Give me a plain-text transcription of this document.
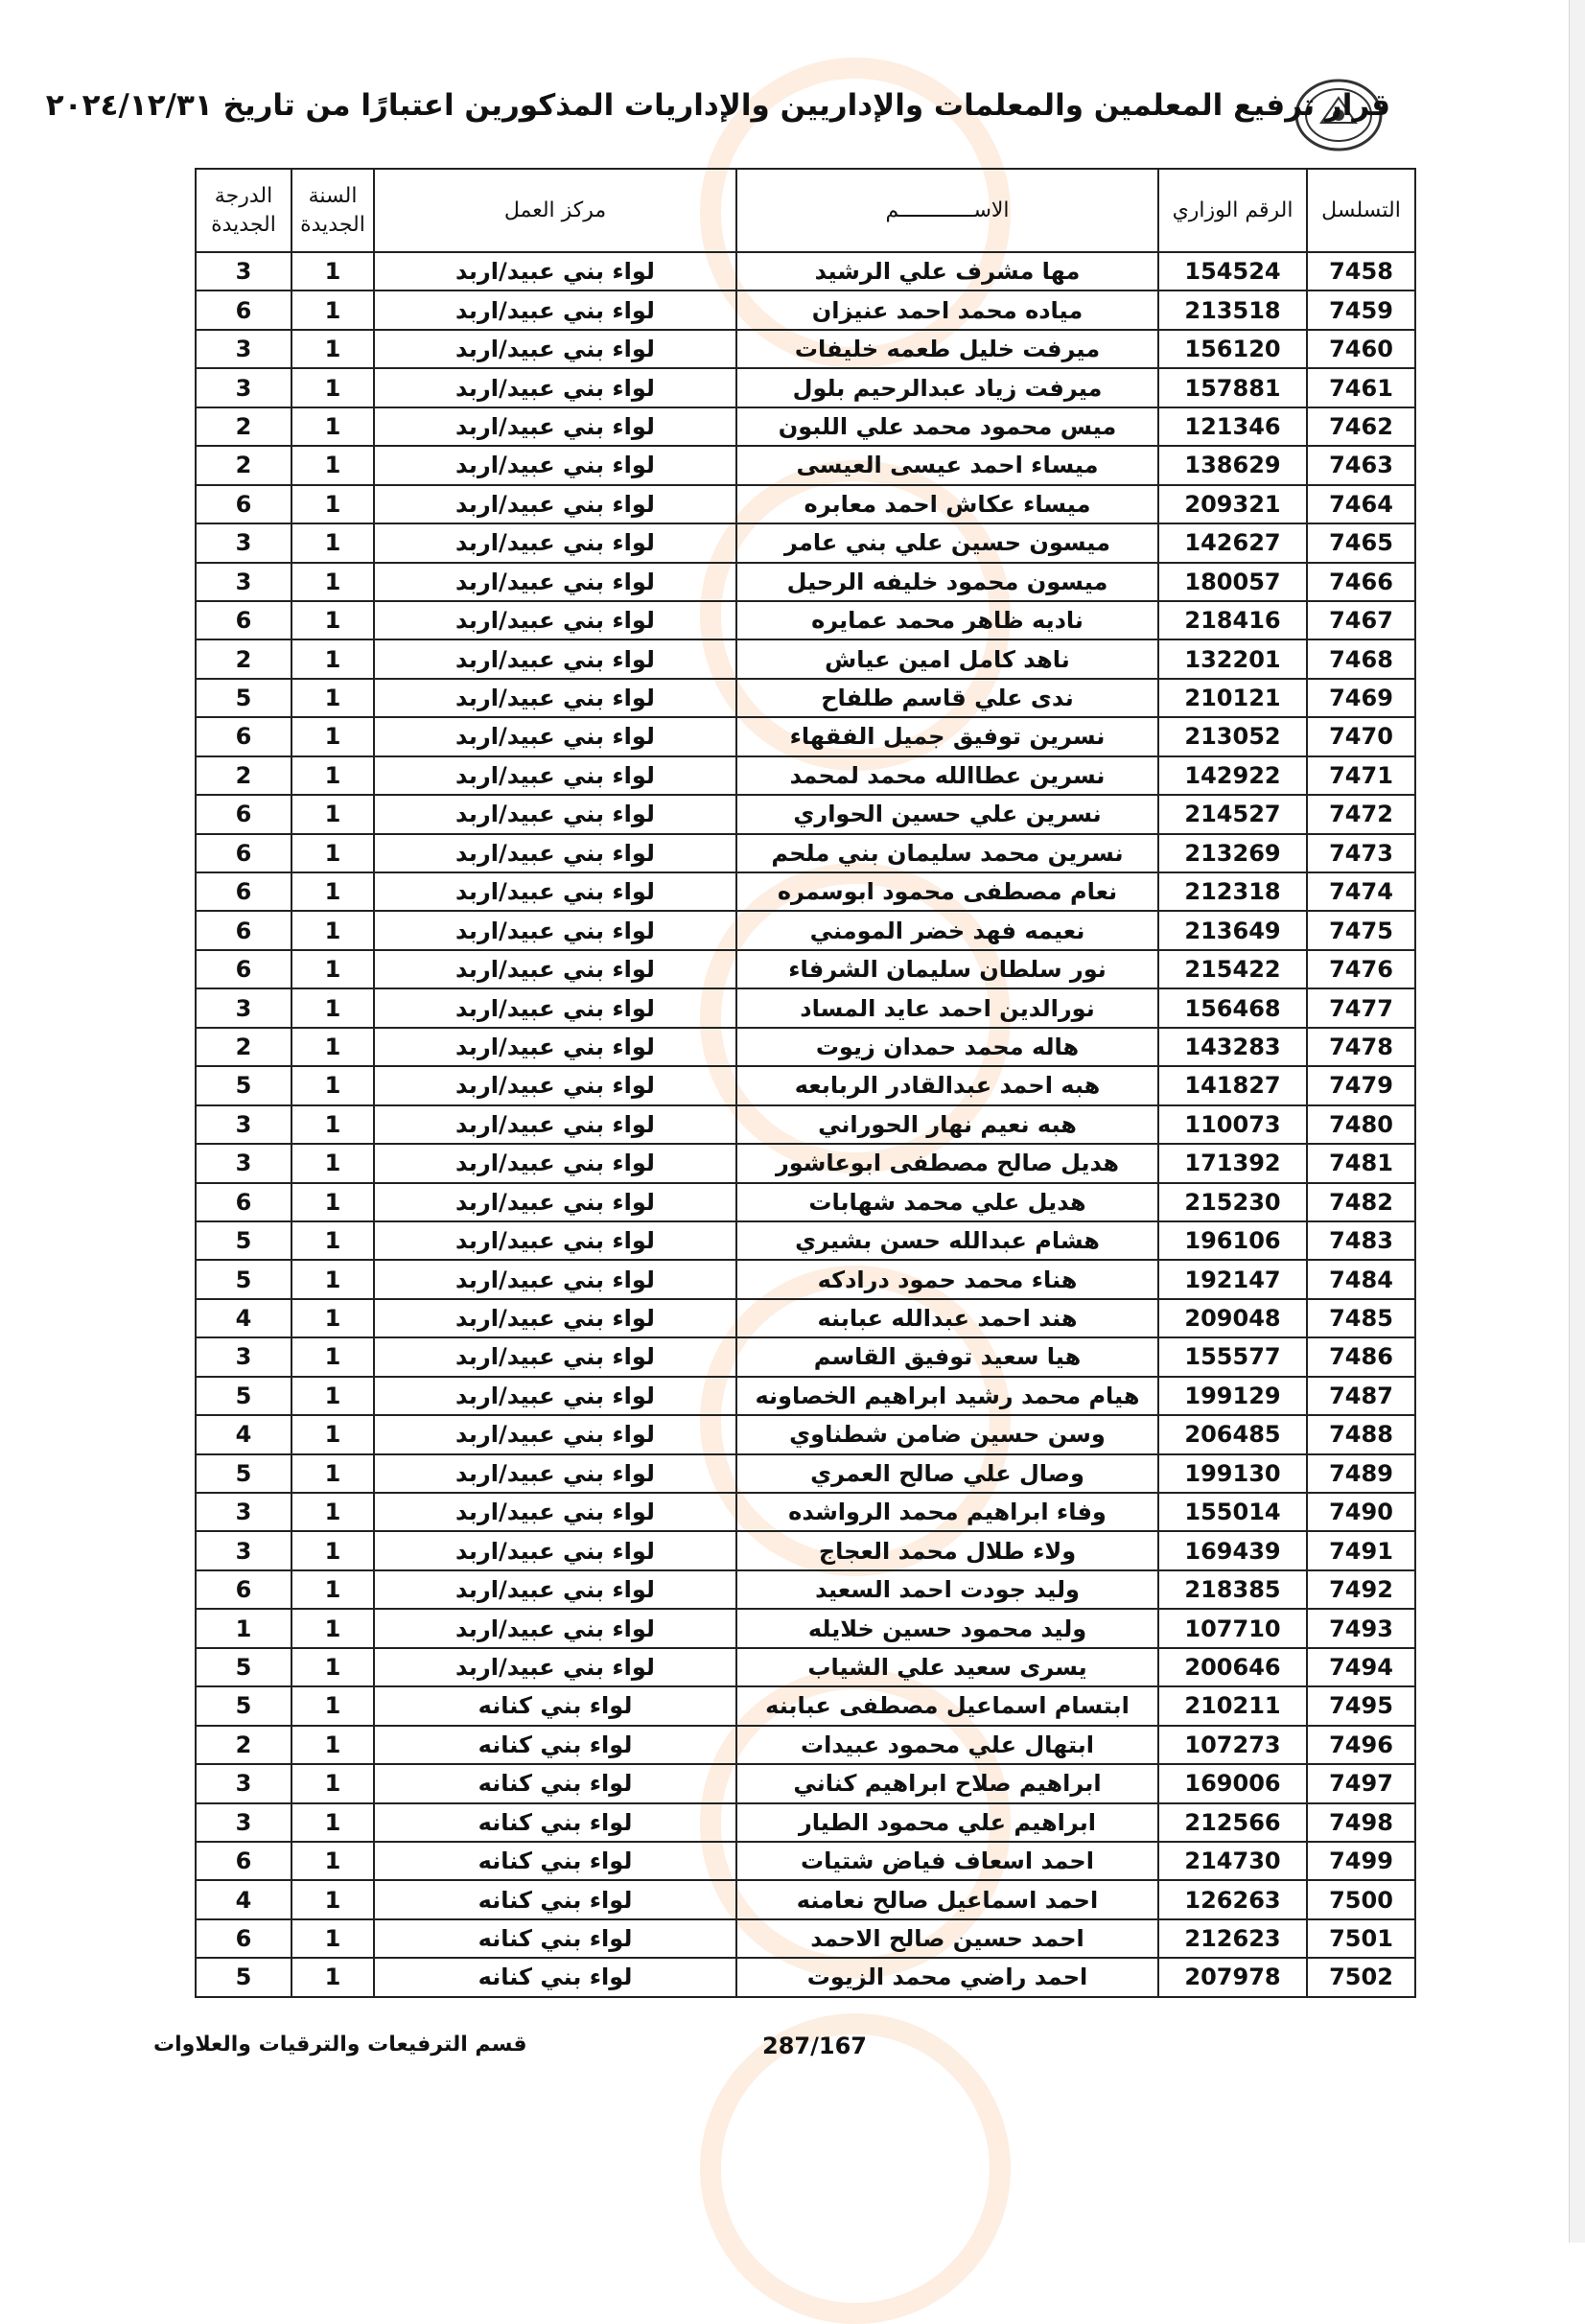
قرار ترفيع المعلمين والمعلمات والإداريين والإداريات المذكورين اعتبارًا من تاريخ ٢٠٢٤/١٢/٣١
التسلسل	الرقم الوزاري	الاســــــــــــم	مركز العمل	السنة الجديدة	الدرجة الجديدة
7458	154524	مها مشرف علي الرشيد	لواء بني عبيد/اربد	1	3
7459	213518	مياده محمد احمد عنيزان	لواء بني عبيد/اربد	1	6
7460	156120	ميرفت خليل طعمه خليفات	لواء بني عبيد/اربد	1	3
7461	157881	ميرفت زياد عبدالرحيم بلول	لواء بني عبيد/اربد	1	3
7462	121346	ميس محمود محمد علي اللبون	لواء بني عبيد/اربد	1	2
7463	138629	ميساء احمد عيسى العيسى	لواء بني عبيد/اربد	1	2
7464	209321	ميساء عكاش احمد معابره	لواء بني عبيد/اربد	1	6
7465	142627	ميسون حسين علي بني عامر	لواء بني عبيد/اربد	1	3
7466	180057	ميسون محمود خليفه الرحيل	لواء بني عبيد/اربد	1	3
7467	218416	ناديه ظاهر محمد عمايره	لواء بني عبيد/اربد	1	6
7468	132201	ناهد كامل امين عياش	لواء بني عبيد/اربد	1	2
7469	210121	ندى علي قاسم طلفاح	لواء بني عبيد/اربد	1	5
7470	213052	نسرين توفيق جميل الفقهاء	لواء بني عبيد/اربد	1	6
7471	142922	نسرين عطاالله محمد لمحمد	لواء بني عبيد/اربد	1	2
7472	214527	نسرين علي حسين الحواري	لواء بني عبيد/اربد	1	6
7473	213269	نسرين محمد سليمان بني ملحم	لواء بني عبيد/اربد	1	6
7474	212318	نعام مصطفى محمود ابوسمره	لواء بني عبيد/اربد	1	6
7475	213649	نعيمه فهد خضر المومني	لواء بني عبيد/اربد	1	6
7476	215422	نور سلطان سليمان الشرفاء	لواء بني عبيد/اربد	1	6
7477	156468	نورالدين احمد عايد المساد	لواء بني عبيد/اربد	1	3
7478	143283	هاله محمد حمدان زيوت	لواء بني عبيد/اربد	1	2
7479	141827	هبه احمد عبدالقادر الربابعه	لواء بني عبيد/اربد	1	5
7480	110073	هبه نعيم نهار الحوراني	لواء بني عبيد/اربد	1	3
7481	171392	هديل صالح مصطفى ابوعاشور	لواء بني عبيد/اربد	1	3
7482	215230	هديل علي محمد شهابات	لواء بني عبيد/اربد	1	6
7483	196106	هشام عبدالله حسن بشيري	لواء بني عبيد/اربد	1	5
7484	192147	هناء محمد حمود درادكه	لواء بني عبيد/اربد	1	5
7485	209048	هند احمد عبدالله عبابنه	لواء بني عبيد/اربد	1	4
7486	155577	هيا سعيد توفيق القاسم	لواء بني عبيد/اربد	1	3
7487	199129	هيام محمد رشيد ابراهيم الخصاونه	لواء بني عبيد/اربد	1	5
7488	206485	وسن حسين ضامن شطناوي	لواء بني عبيد/اربد	1	4
7489	199130	وصال علي صالح العمري	لواء بني عبيد/اربد	1	5
7490	155014	وفاء ابراهيم محمد الرواشده	لواء بني عبيد/اربد	1	3
7491	169439	ولاء طلال محمد العجاج	لواء بني عبيد/اربد	1	3
7492	218385	وليد جودت احمد السعيد	لواء بني عبيد/اربد	1	6
7493	107710	وليد محمود حسين خلايله	لواء بني عبيد/اربد	1	1
7494	200646	يسرى سعيد علي الشياب	لواء بني عبيد/اربد	1	5
7495	210211	ابتسام اسماعيل مصطفى عبابنه	لواء بني كنانه	1	5
7496	107273	ابتهال علي محمود عبيدات	لواء بني كنانه	1	2
7497	169006	ابراهيم صلاح ابراهيم كناني	لواء بني كنانه	1	3
7498	212566	ابراهيم علي محمود الطيار	لواء بني كنانه	1	3
7499	214730	احمد اسعاف فياض شتيات	لواء بني كنانه	1	6
7500	126263	احمد اسماعيل صالح نعامنه	لواء بني كنانه	1	4
7501	212623	احمد حسين صالح الاحمد	لواء بني كنانه	1	6
7502	207978	احمد راضي محمد الزيوت	لواء بني كنانه	1	5
287/167
قسم الترفيعات والترقيات والعلاوات
